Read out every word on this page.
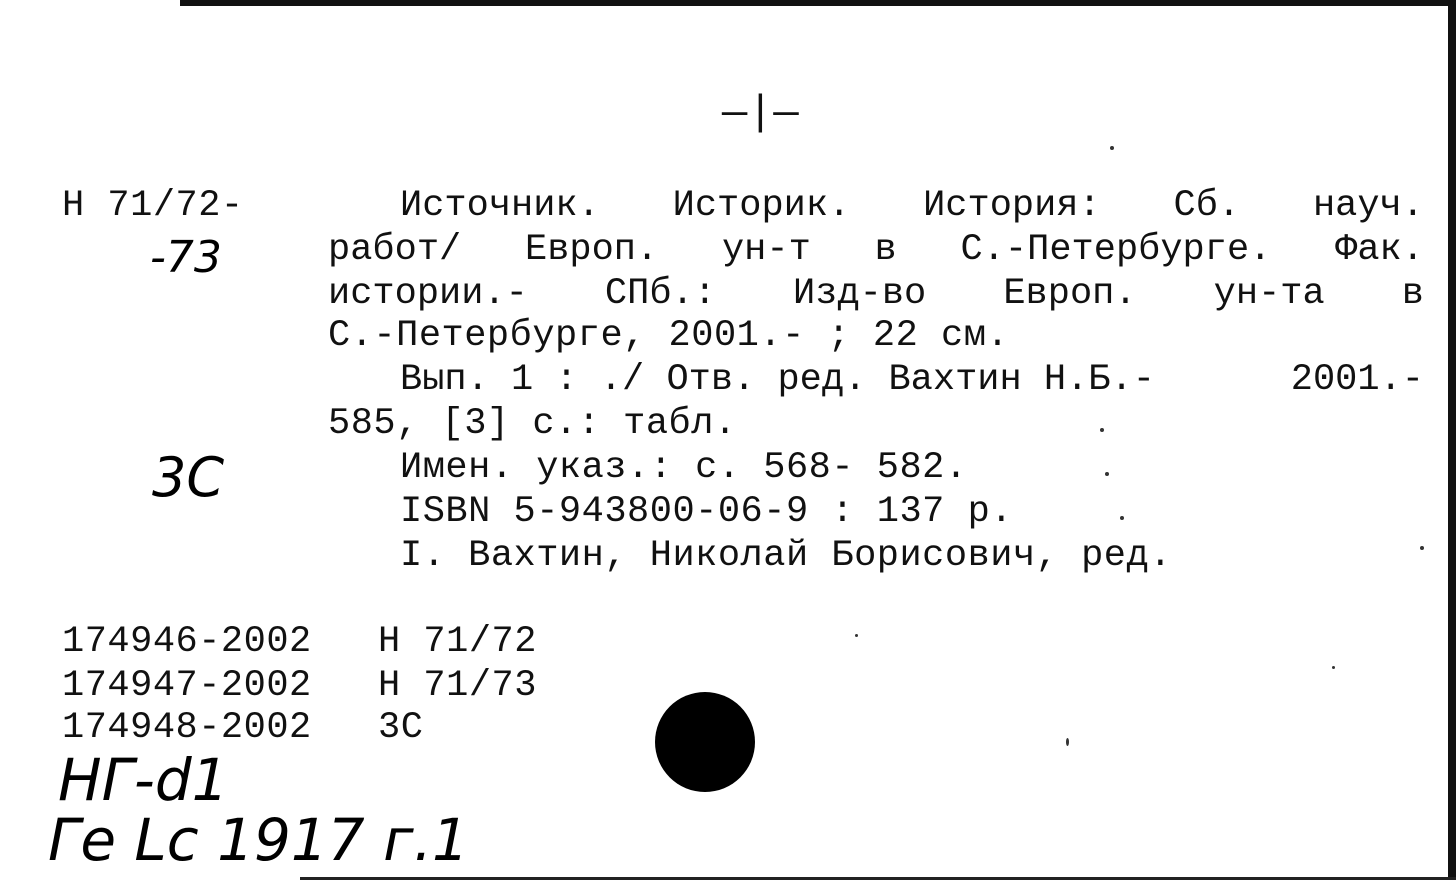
—|—
Н 71/72-
-73
3С
Источник. Историк. История: Сб. науч.
работ/ Европ. ун-т в С.-Петербурге. Фак.
истории.- СПб.: Изд-во Европ. ун-та в
С.-Петербурге, 2001.- ; 22 см.
Вып. 1 : ./ Отв. ред. Вахтин Н.Б.-	2001.-
585, [3] с.: табл.
Имен. указ.: с. 568- 582.
ISBN 5-943800-06-9 : 137 р.
I. Вахтин, Николай Борисович, ред.
174946-2002 Н 71/72
174947-2002 Н 71/73
174948-2002 3С
НГ-d1
Ге Lc 1917 г.1
